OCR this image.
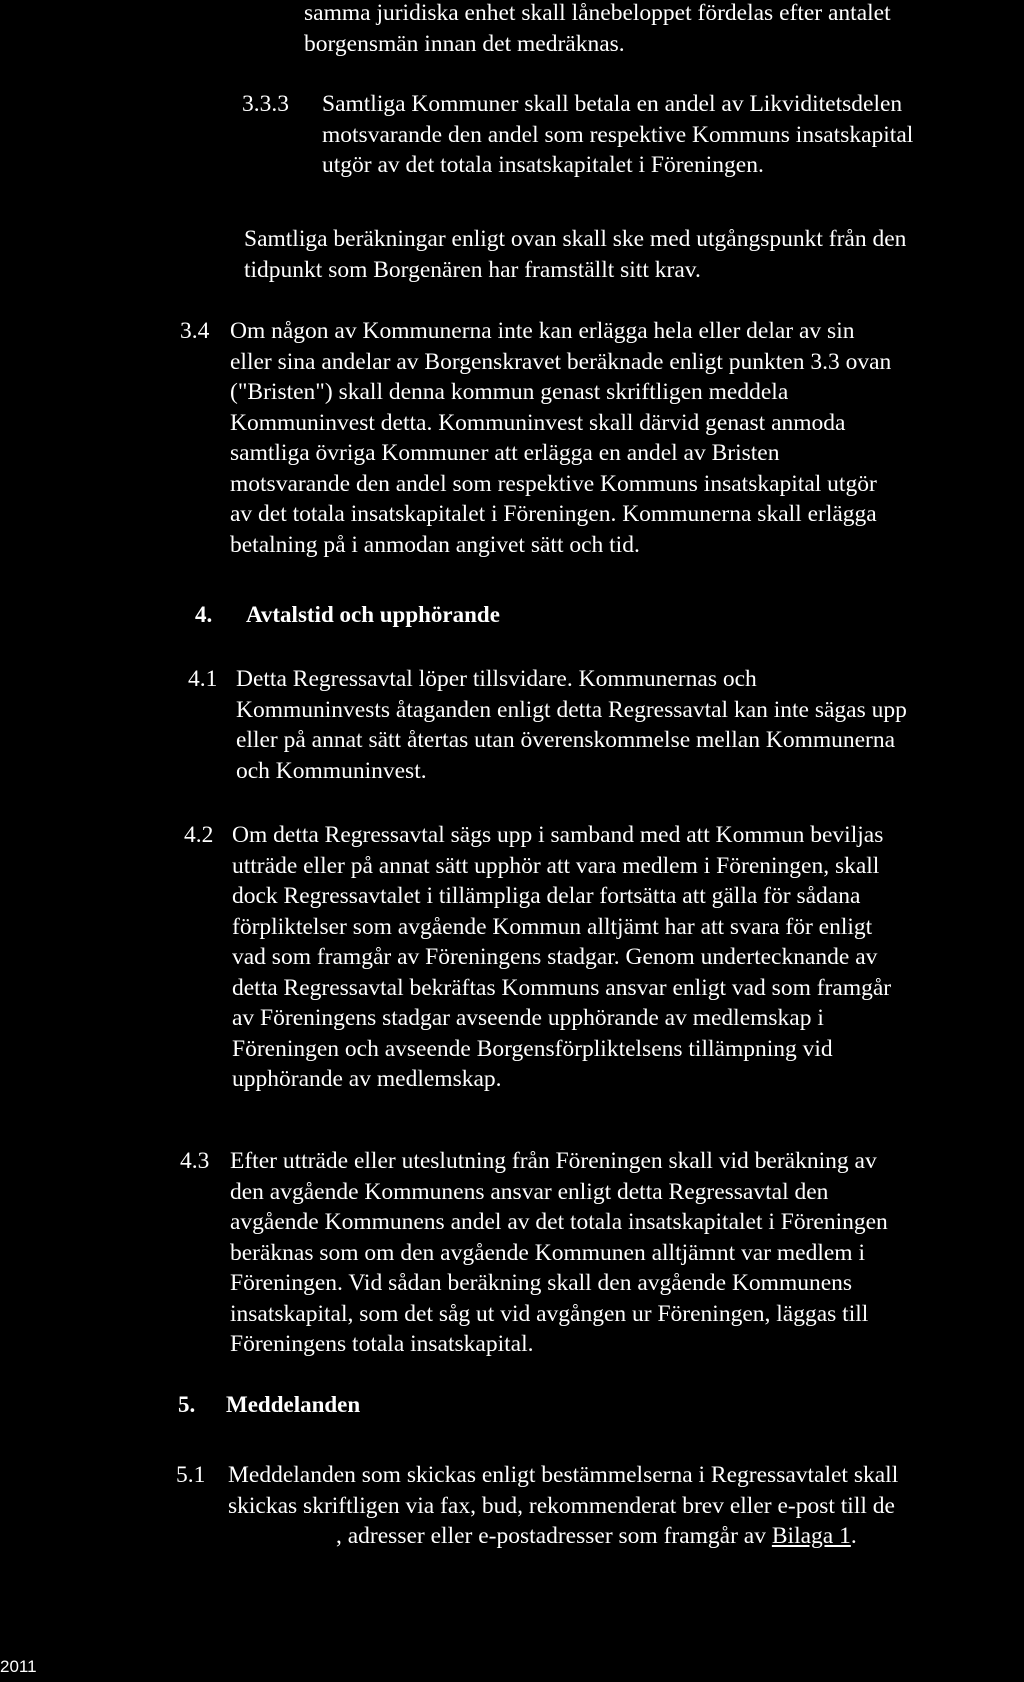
samma juridiska enhet skall lånebeloppet fördelas efter antalet
borgensmän innan det medräknas.
3.3.3 Samtliga Kommuner skall betala en andel av Likviditetsdelen
motsvarande den andel som respektive Kommuns insatskapital
utgör av det totala insatskapitalet i Föreningen.
Samtliga beräkningar enligt ovan skall ske med utgångspunkt från den
tidpunkt som Borgenären har framställt sitt krav.
3.4 Om någon av Kommunerna inte kan erlägga hela eller delar av sin
eller sina andelar av Borgenskravet beräknade enligt punkten 3.3 ovan
("Bristen") skall denna kommun genast skriftligen meddela
Kommuninvest detta. Kommuninvest skall därvid genast anmoda
samtliga övriga Kommuner att erlägga en andel av Bristen
motsvarande den andel som respektive Kommuns insatskapital utgör
av det totala insatskapitalet i Föreningen. Kommunerna skall erlägga
betalning på i anmodan angivet sätt och tid.
4. Avtalstid och upphörande
4.1 Detta Regressavtal löper tillsvidare. Kommunernas och
Kommuninvests åtaganden enligt detta Regressavtal kan inte sägas upp
eller på annat sätt återtas utan överenskommelse mellan Kommunerna
och Kommuninvest.
4.2 Om detta Regressavtal sägs upp i samband med att Kommun beviljas
utträde eller på annat sätt upphör att vara medlem i Föreningen, skall
dock Regressavtalet i tillämpliga delar fortsätta att gälla för sådana
förpliktelser som avgående Kommun alltjämt har att svara för enligt
vad som framgår av Föreningens stadgar. Genom undertecknande av
detta Regressavtal bekräftas Kommuns ansvar enligt vad som framgår
av Föreningens stadgar avseende upphörande av medlemskap i
Föreningen och avseende Borgensförpliktelsens tillämpning vid
upphörande av medlemskap.
4.3 Efter utträde eller uteslutning från Föreningen skall vid beräkning av
den avgående Kommunens ansvar enligt detta Regressavtal den
avgående Kommunens andel av det totala insatskapitalet i Föreningen
beräknas som om den avgående Kommunen alltjämnt var medlem i
Föreningen. Vid sådan beräkning skall den avgående Kommunens
insatskapital, som det såg ut vid avgången ur Föreningen, läggas till
Föreningens totala insatskapital.
5. Meddelanden
5.1 Meddelanden som skickas enligt bestämmelserna i Regressavtalet skall
skickas skriftligen via fax, bud, rekommenderat brev eller e-post till de
, adresser eller e-postadresser som framgår av Bilaga 1.
2011
